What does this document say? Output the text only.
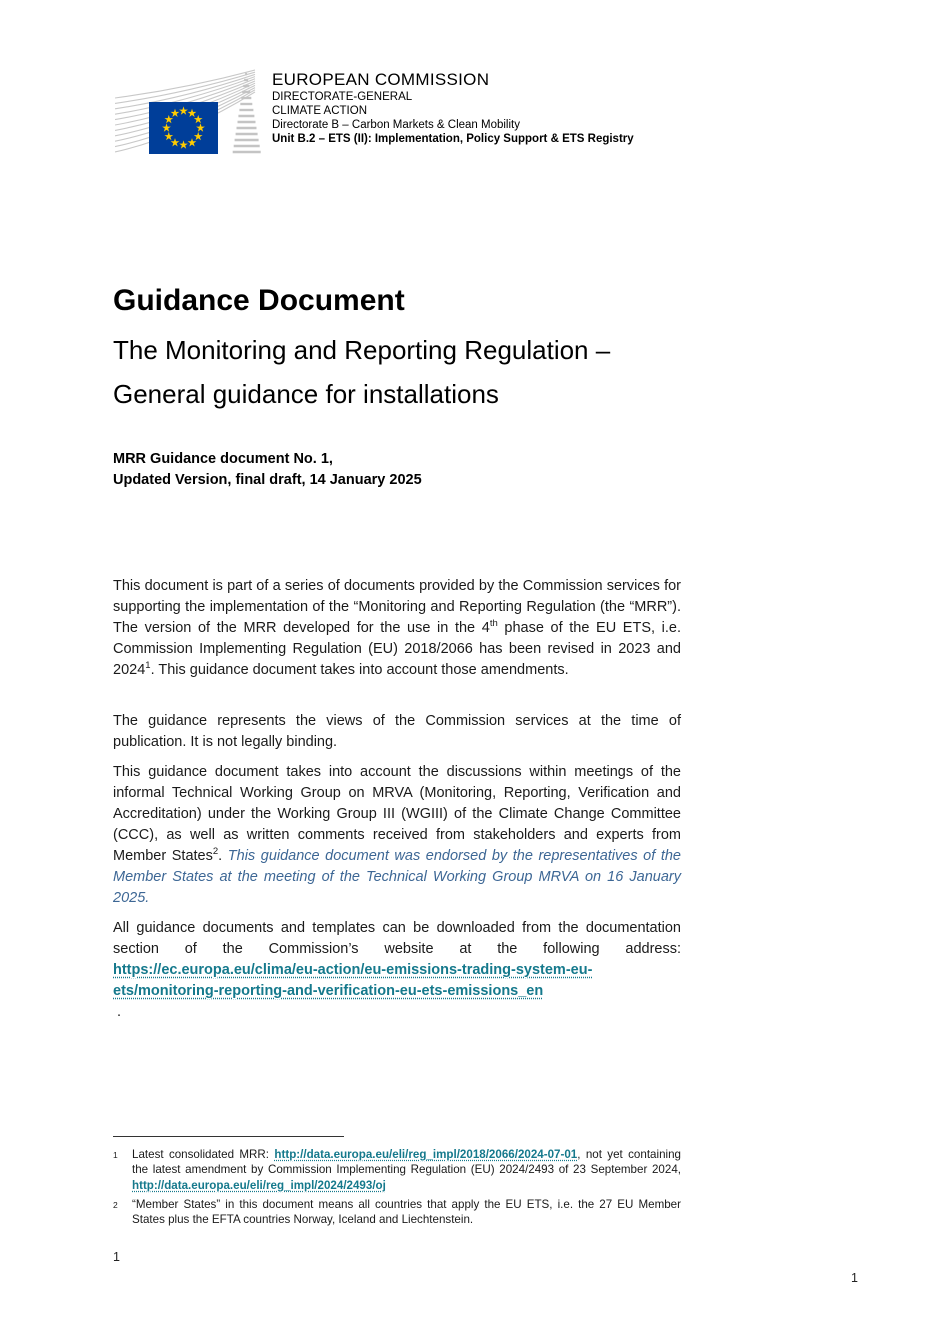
EUROPEAN COMMISSION
DIRECTORATE-GENERAL
CLIMATE ACTION
Directorate B – Carbon Markets & Clean Mobility
Unit B.2 – ETS (II): Implementation, Policy Support & ETS Registry
Guidance Document
The Monitoring and Reporting Regulation –
General guidance for installations
MRR Guidance document No. 1,
Updated Version, final draft, 14 January 2025

This document is part of a series of documents provided by the Commission services for supporting the implementation of the “Monitoring and Reporting Regulation (the “MRR”). The version of the MRR developed for the use in the 4th phase of the EU ETS, i.e. Commission Implementing Regulation (EU) 2018/2066 has been revised in 2023 and 2024$^1$. This guidance document takes into account those amendments.

The guidance represents the views of the Commission services at the time of publication. It is not legally binding.

This guidance document takes into account the discussions within meetings of the informal Technical Working Group on MRVA (Monitoring, Reporting, Verification and Accreditation) under the Working Group III (WGIII) of the Climate Change Committee (CCC), as well as written comments received from stakeholders and experts from Member States$^2$. This guidance document was endorsed by the representatives of the Member States at the meeting of the Technical Working Group MRVA on 16 January 2025.

All guidance documents and templates can be downloaded from the documentation section of the Commission’s website at the following address: https://ec.europa.eu/clima/eu-action/eu-emissions-trading-system-eu-ets/monitoring-reporting-and-verification-eu-ets-emissions_en .

1	Latest consolidated MRR: http://data.europa.eu/eli/reg_impl/2018/2066/2024-07-01, not yet containing the latest amendment by Commission Implementing Regulation (EU) 2024/2493 of 23 September 2024, http://data.europa.eu/eli/reg_impl/2024/2493/oj
2	“Member States” in this document means all countries that apply the EU ETS, i.e. the 27 EU Member States plus the EFTA countries Norway, Iceland and Liechtenstein.
1
1
